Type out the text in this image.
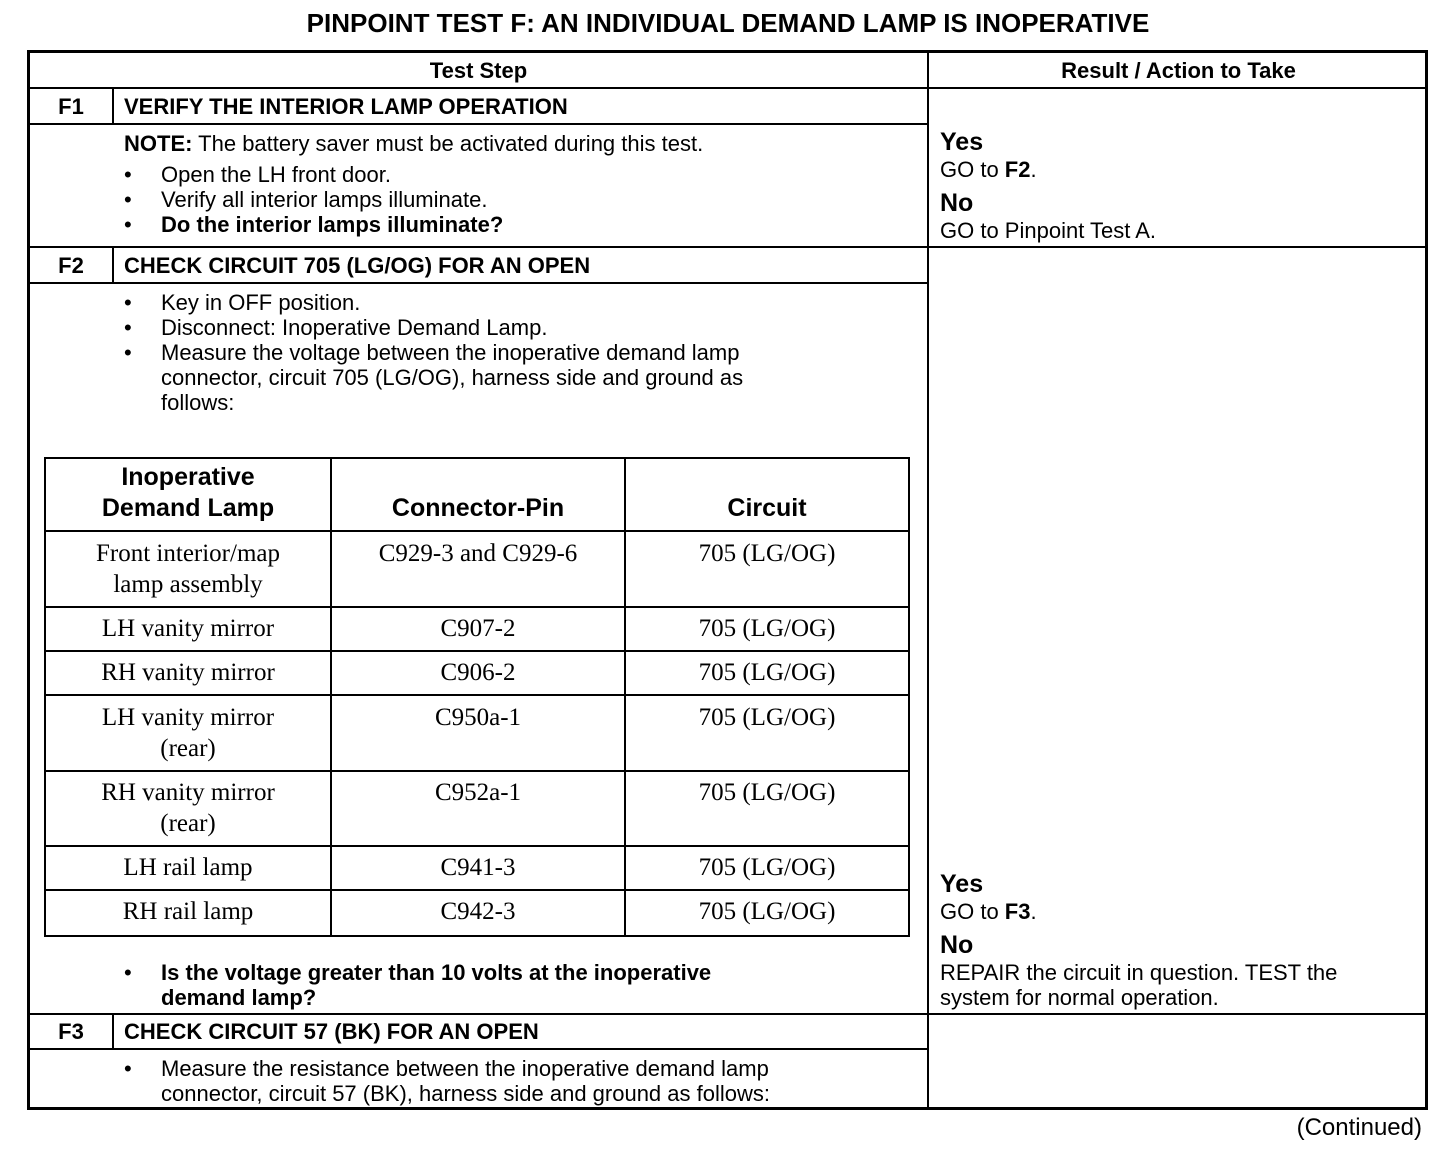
PINPOINT TEST F: AN INDIVIDUAL DEMAND LAMP IS INOPERATIVE
Test Step	Result / Action to Take
F1	VERIFY THE INTERIOR LAMP OPERATION
NOTE: The battery saver must be activated during this test.
• Open the LH front door.
• Verify all interior lamps illuminate.
• Do the interior lamps illuminate?
Yes
GO to F2.
No
GO to Pinpoint Test A.
F2	CHECK CIRCUIT 705 (LG/OG) FOR AN OPEN
• Key in OFF position.
• Disconnect: Inoperative Demand Lamp.
• Measure the voltage between the inoperative demand lamp
connector, circuit 705 (LG/OG), harness side and ground as
follows:
Inoperative
Demand Lamp	Connector-Pin	Circuit
Front interior/map
lamp assembly
C929-3 and C929-6	705 (LG/OG)
LH vanity mirror	C907-2	705 (LG/OG)
RH vanity mirror	C906-2	705 (LG/OG)
LH vanity mirror
(rear)
C950a-1	705 (LG/OG)
RH vanity mirror
(rear)
C952a-1	705 (LG/OG)
LH rail lamp	C941-3	705 (LG/OG)
RH rail lamp	C942-3	705 (LG/OG)
• Is the voltage greater than 10 volts at the inoperative
demand lamp?
Yes
GO to F3.
No
REPAIR the circuit in question. TEST the
system for normal operation.
F3	CHECK CIRCUIT 57 (BK) FOR AN OPEN
• Measure the resistance between the inoperative demand lamp
connector, circuit 57 (BK), harness side and ground as follows:
(Continued)
